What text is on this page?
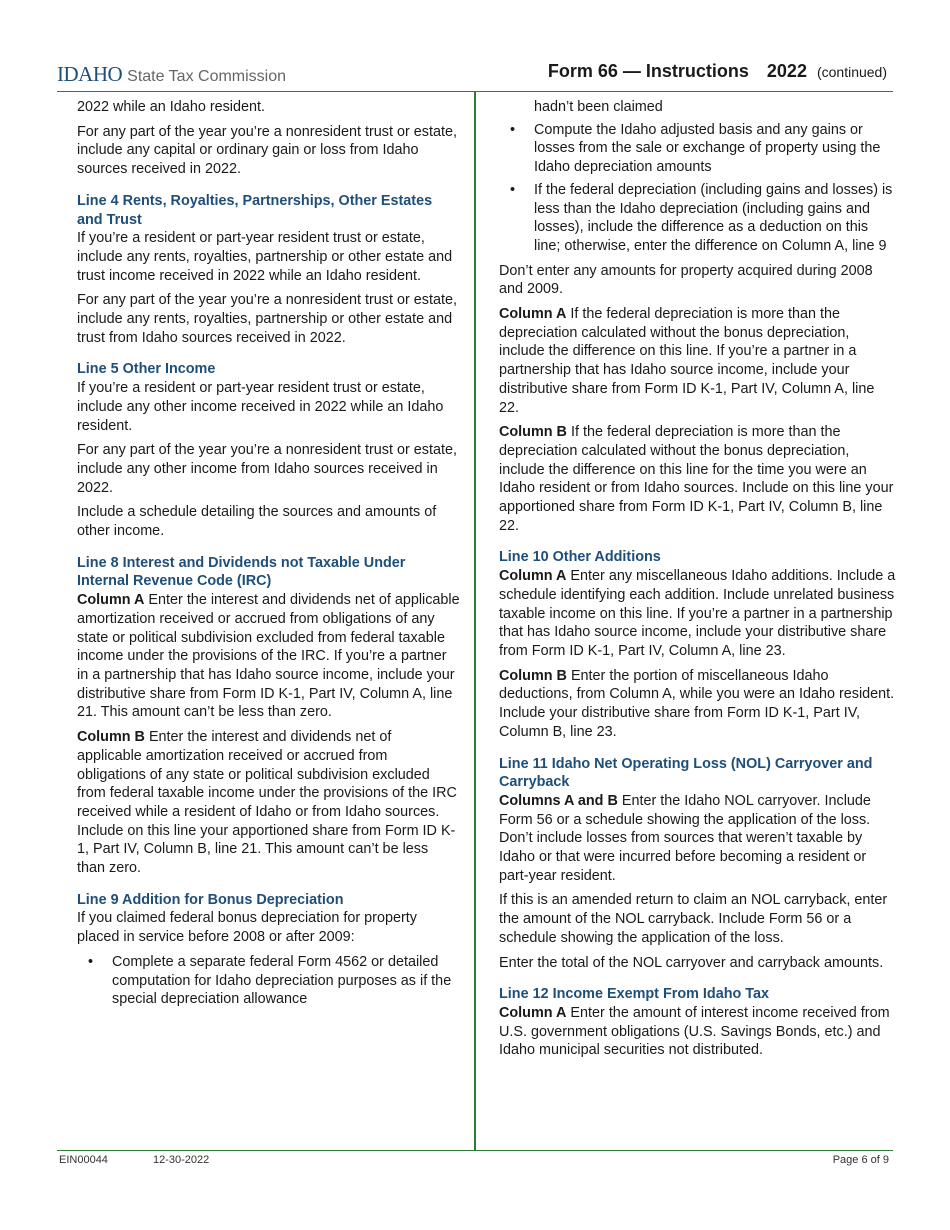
IDAHO State Tax Commission	Form 66 — Instructions 2022 (continued)

2022 while an Idaho resident.

For any part of the year you’re a nonresident trust or estate, include any capital or ordinary gain or loss from Idaho sources received in 2022.

Line 4 Rents, Royalties, Partnerships, Other Estates and Trust

If you’re a resident or part-year resident trust or estate, include any rents, royalties, partnership or other estate and trust income received in 2022 while an Idaho resident.

For any part of the year you’re a nonresident trust or estate, include any rents, royalties, partnership or other estate and trust from Idaho sources received in 2022.

Line 5 Other Income

If you’re a resident or part-year resident trust or estate, include any other income received in 2022 while an Idaho resident.

For any part of the year you’re a nonresident trust or estate, include any other income from Idaho sources received in 2022.

Include a schedule detailing the sources and amounts of other income.

Line 8 Interest and Dividends not Taxable Under Internal Revenue Code (IRC)

Column A Enter the interest and dividends net of applicable amortization received or accrued from obligations of any state or political subdivision excluded from federal taxable income under the provisions of the IRC. If you’re a partner in a partnership that has Idaho source income, include your distributive share from Form ID K-1, Part IV, Column A, line 21. This amount can’t be less than zero.

Column B Enter the interest and dividends net of applicable amortization received or accrued from obligations of any state or political subdivision excluded from federal taxable income under the provisions of the IRC received while a resident of Idaho or from Idaho sources. Include on this line your apportioned share from Form ID K-1, Part IV, Column B, line 21. This amount can’t be less than zero.

Line 9 Addition for Bonus Depreciation

If you claimed federal bonus depreciation for property placed in service before 2008 or after 2009:

• Complete a separate federal Form 4562 or detailed computation for Idaho depreciation purposes as if the special depreciation allowance
hadn’t been claimed
• Compute the Idaho adjusted basis and any gains or losses from the sale or exchange of property using the Idaho depreciation amounts
• If the federal depreciation (including gains and losses) is less than the Idaho depreciation (including gains and losses), include the difference as a deduction on this line; otherwise, enter the difference on Column A, line 9

Don’t enter any amounts for property acquired during 2008 and 2009.

Column A If the federal depreciation is more than the depreciation calculated without the bonus depreciation, include the difference on this line. If you’re a partner in a partnership that has Idaho source income, include your distributive share from Form ID K-1, Part IV, Column A, line 22.

Column B If the federal depreciation is more than the depreciation calculated without the bonus depreciation, include the difference on this line for the time you were an Idaho resident or from Idaho sources. Include on this line your apportioned share from Form ID K-1, Part IV, Column B, line 22.

Line 10 Other Additions

Column A Enter any miscellaneous Idaho additions. Include a schedule identifying each addition. Include unrelated business taxable income on this line. If you’re a partner in a partnership that has Idaho source income, include your distributive share from Form ID K-1, Part IV, Column A, line 23.

Column B Enter the portion of miscellaneous Idaho deductions, from Column A, while you were an Idaho resident. Include your distributive share from Form ID K-1, Part IV, Column B, line 23.

Line 11 Idaho Net Operating Loss (NOL) Carryover and Carryback

Columns A and B Enter the Idaho NOL carryover. Include Form 56 or a schedule showing the application of the loss. Don’t include losses from sources that weren’t taxable by Idaho or that were incurred before becoming a resident or part-year resident.

If this is an amended return to claim an NOL carryback, enter the amount of the NOL carryback. Include Form 56 or a schedule showing the application of the loss.

Enter the total of the NOL carryover and carryback amounts.

Line 12 Income Exempt From Idaho Tax

Column A Enter the amount of interest income received from U.S. government obligations (U.S. Savings Bonds, etc.) and Idaho municipal securities not distributed.

EIN00044	12-30-2022	Page 6 of 9
